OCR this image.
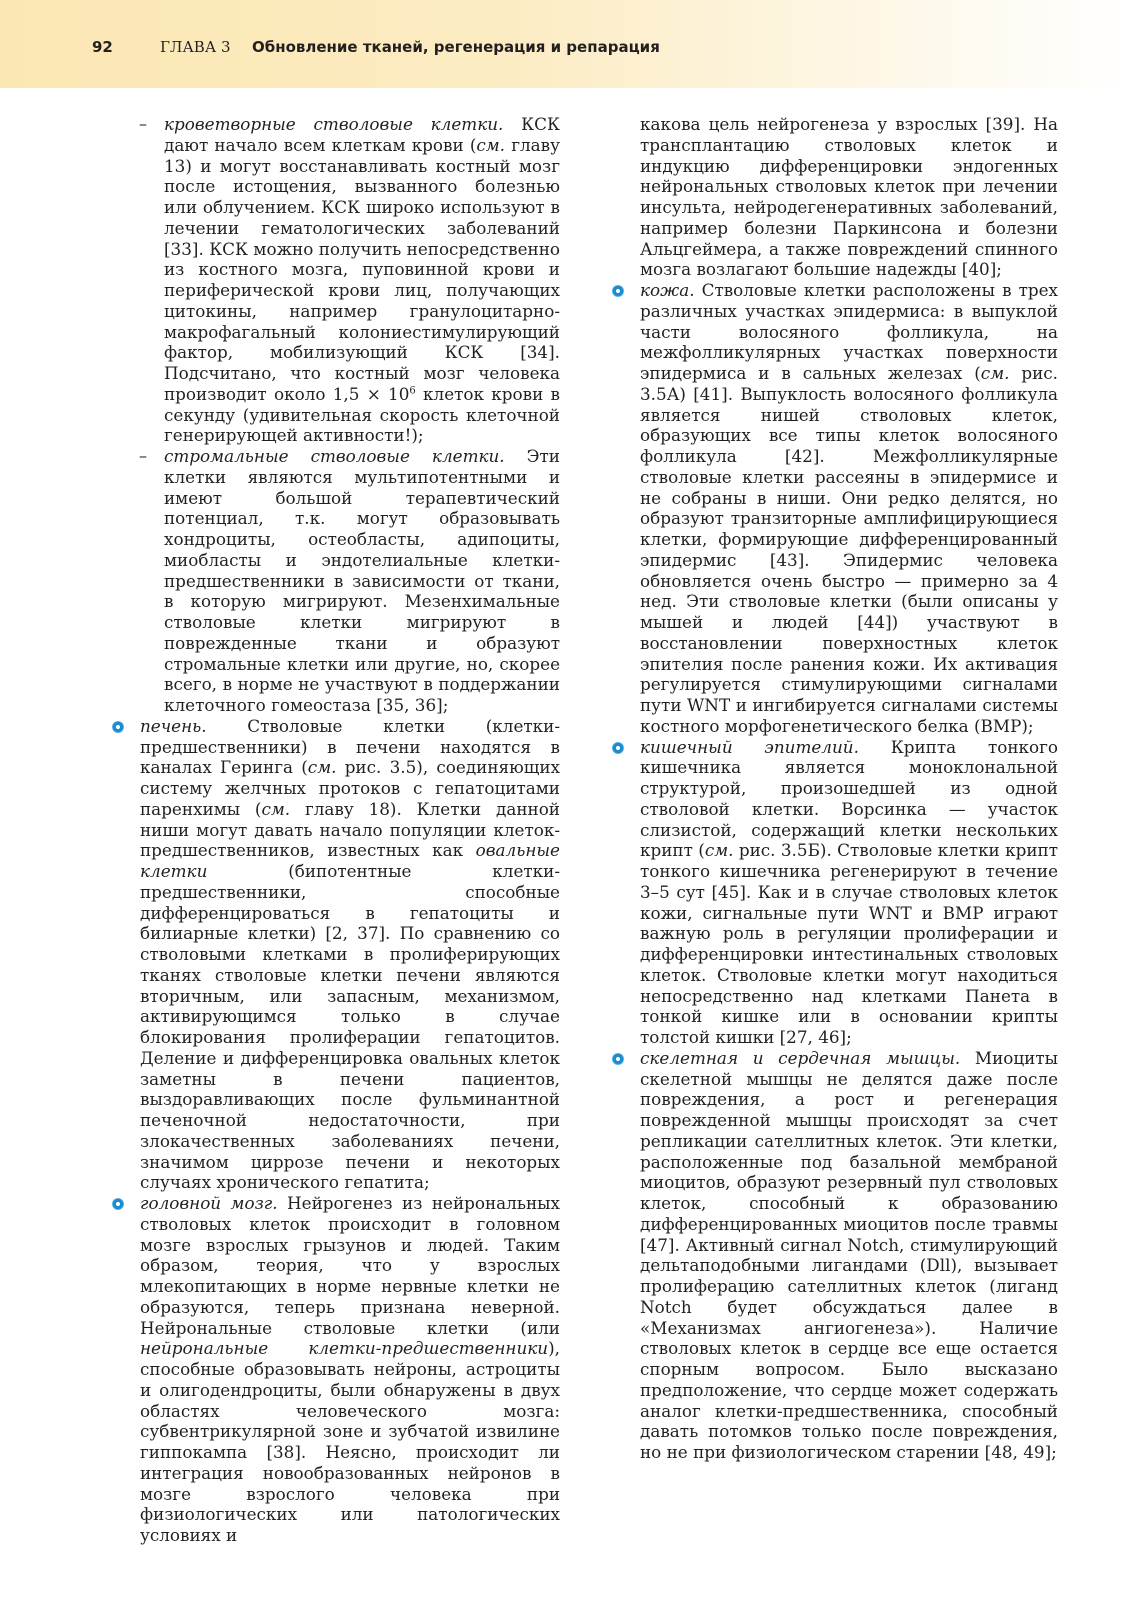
92	ГЛАВА 3 Обновление тканей, регенерация и репарация
–	кроветворные стволовые клетки. КСК дают начало всем клеткам крови (см. главу 13) и могут восстанавливать костный мозг после истощения, вызванного болезнью или облучением. КСК широко используют в лечении гематологических заболеваний [33]. КСК можно получить непосредственно из костного мозга, пуповинной крови и периферической крови лиц, получающих цитокины, например гранулоцитарно-макрофагальный колониестимулирующий фактор, мобилизующий КСК [34]. Подсчитано, что костный мозг человека производит около $1,5 \times 10^6$ клеток крови в секунду (удивительная скорость клеточной генерирующей активности!);

–	стромальные стволовые клетки. Эти клетки являются мультипотентными и имеют большой терапевтический потенциал, т.к. могут образовывать хондроциты, остеобласты, адипоциты, миобласты и эндотелиальные клетки-предшественники в зависимости от ткани, в которую мигрируют. Мезенхимальные стволовые клетки мигрируют в поврежденные ткани и образуют стромальные клетки или другие, но, скорее всего, в норме не участвуют в поддержании клеточного гомеостаза [35, 36];

печень. Стволовые клетки (клетки-предшественники) в печени находятся в каналах Геринга (см. рис. 3.5), соединяющих систему желчных протоков с гепатоцитами паренхимы (см. главу 18). Клетки данной ниши могут давать начало популяции клеток-предшественников, известных как овальные клетки (бипотентные клетки-предшественники, способные дифференцироваться в гепатоциты и билиарные клетки) [2, 37]. По сравнению со стволовыми клетками в пролиферирующих тканях стволовые клетки печени являются вторичным, или запасным, механизмом, активирующимся только в случае блокирования пролиферации гепатоцитов. Деление и дифференцировка овальных клеток заметны в печени пациентов, выздоравливающих после фульминантной печеночной недостаточности, при злокачественных заболеваниях печени, значимом циррозе печени и некоторых случаях хронического гепатита;

головной мозг. Нейрогенез из нейрональных стволовых клеток происходит в головном мозге взрослых грызунов и людей. Таким образом, теория, что у взрослых млекопитающих в норме нервные клетки не образуются, теперь признана неверной. Нейрональные стволовые клетки (или нейрональные клетки-предшественники), способные образовывать нейроны, астроциты и олигодендроциты, были обнаружены в двух областях человеческого мозга: субвентрикулярной зоне и зубчатой извилине гиппокампа [38]. Неясно, происходит ли интеграция новообразованных нейронов в мозге взрослого человека при физиологических или патологических условиях и

какова цель нейрогенеза у взрослых [39]. На трансплантацию стволовых клеток и индукцию дифференцировки эндогенных нейрональных стволовых клеток при лечении инсульта, нейродегенеративных заболеваний, например болезни Паркинсона и болезни Альцгеймера, а также повреждений спинного мозга возлагают большие надежды [40];

кожа. Стволовые клетки расположены в трех различных участках эпидермиса: в выпуклой части волосяного фолликула, на межфолликулярных участках поверхности эпидермиса и в сальных железах (см. рис. 3.5А) [41]. Выпуклость волосяного фолликула является нишей стволовых клеток, образующих все типы клеток волосяного фолликула [42]. Межфолликулярные стволовые клетки рассеяны в эпидермисе и не собраны в ниши. Они редко делятся, но образуют транзиторные амплифицирующиеся клетки, формирующие дифференцированный эпидермис [43]. Эпидермис человека обновляется очень быстро — примерно за 4 нед. Эти стволовые клетки (были описаны у мышей и людей [44]) участвуют в восстановлении поверхностных клеток эпителия после ранения кожи. Их активация регулируется стимулирующими сигналами пути WNT и ингибируется сигналами системы костного морфогенетического белка (BMP);

кишечный эпителий. Крипта тонкого кишечника является моноклональной структурой, произошедшей из одной стволовой клетки. Ворсинка — участок слизистой, содержащий клетки нескольких крипт (см. рис. 3.5Б). Стволовые клетки крипт тонкого кишечника регенерируют в течение 3–5 сут [45]. Как и в случае стволовых клеток кожи, сигнальные пути WNT и BMP играют важную роль в регуляции пролиферации и дифференцировки интестинальных стволовых клеток. Стволовые клетки могут находиться непосредственно над клетками Панета в тонкой кишке или в основании крипты толстой кишки [27, 46];

скелетная и сердечная мышцы. Миоциты скелетной мышцы не делятся даже после повреждения, а рост и регенерация поврежденной мышцы происходят за счет репликации сателлитных клеток. Эти клетки, расположенные под базальной мембраной миоцитов, образуют резервный пул стволовых клеток, способный к образованию дифференцированных миоцитов после травмы [47]. Активный сигнал Notch, стимулирующий дельтаподобными лигандами (Dll), вызывает пролиферацию сателлитных клеток (лиганд Notch будет обсуждаться далее в «Механизмах ангиогенеза»). Наличие стволовых клеток в сердце все еще остается спорным вопросом. Было высказано предположение, что сердце может содержать аналог клетки-предшественника, способный давать потомков только после повреждения, но не при физиологическом старении [48, 49];
